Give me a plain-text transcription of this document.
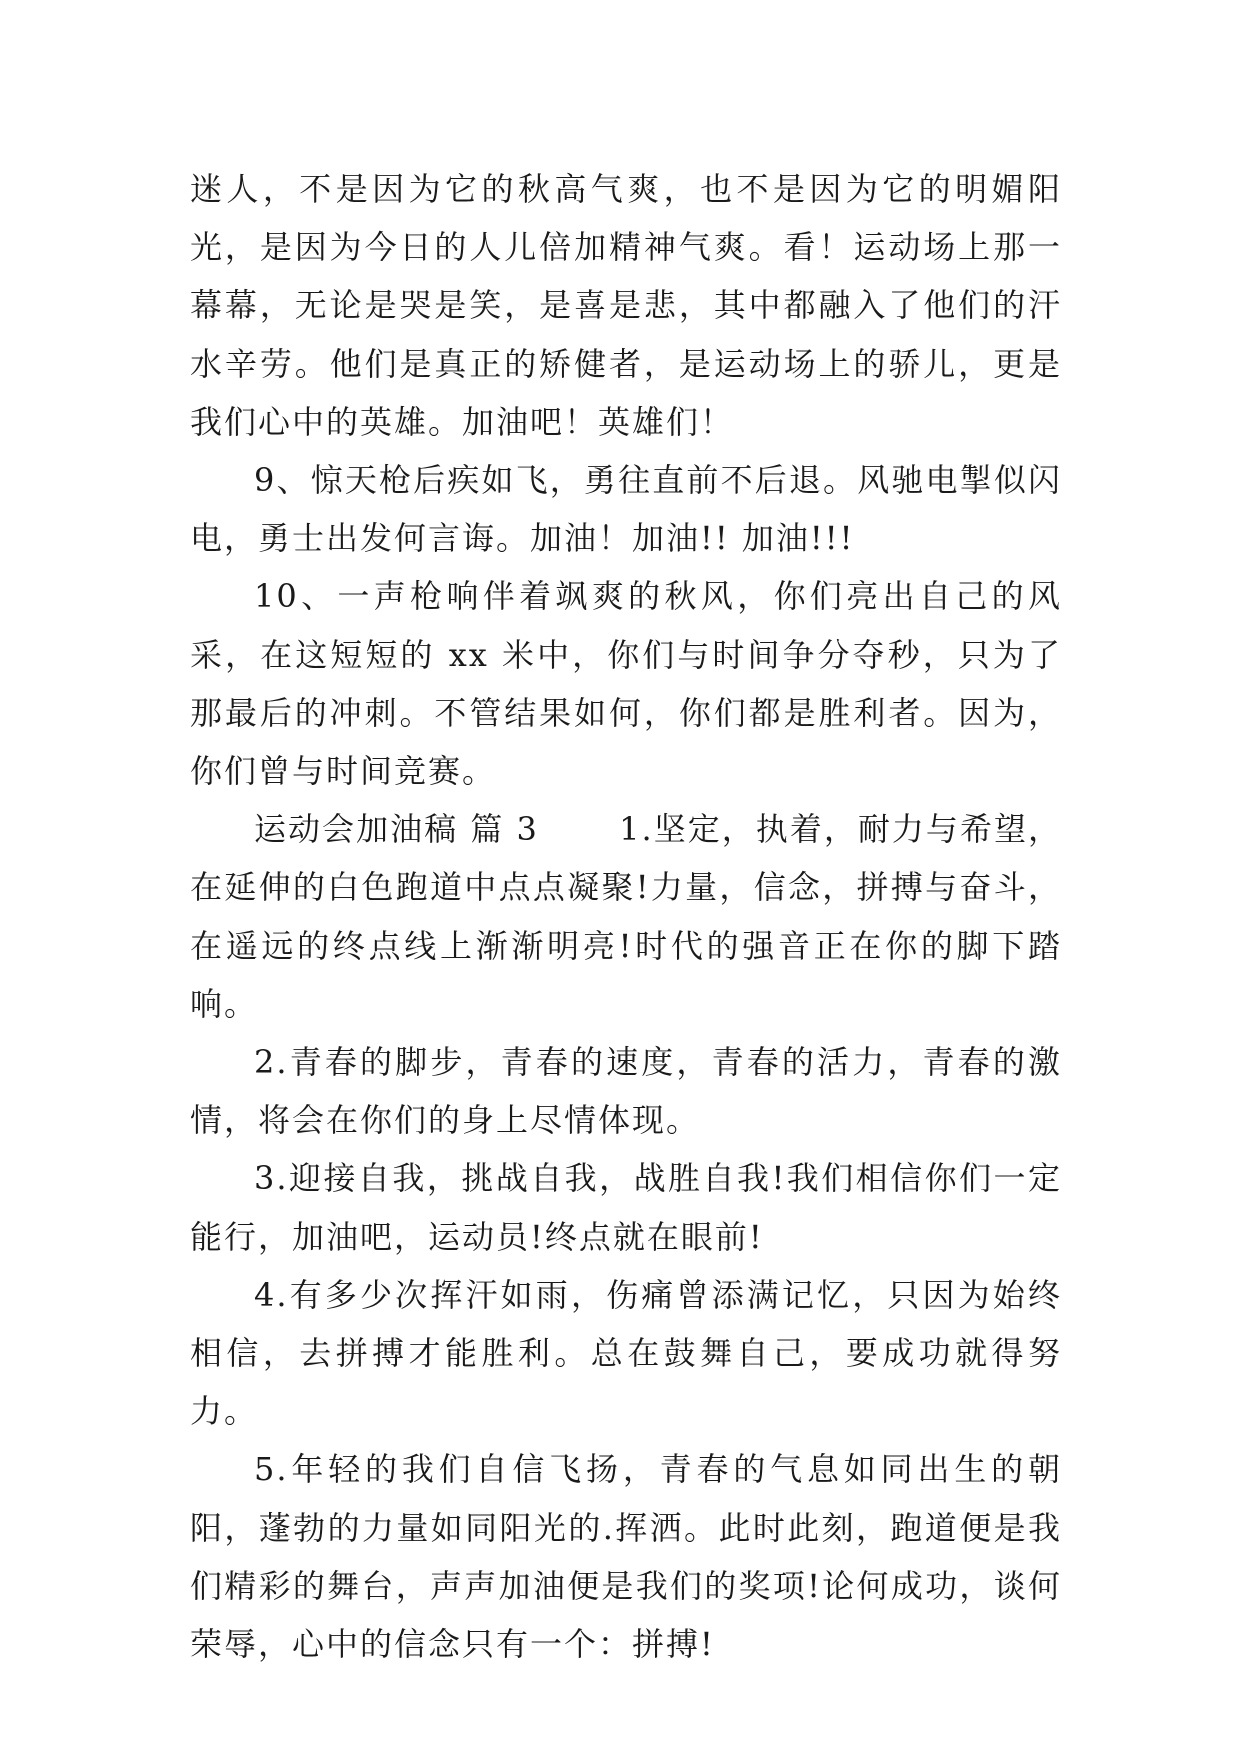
迷人，不是因为它的秋高气爽，也不是因为它的明媚阳光，是因为今日的人儿倍加精神气爽。看！运动场上那一幕幕，无论是哭是笑，是喜是悲，其中都融入了他们的汗水辛劳。他们是真正的矫健者，是运动场上的骄儿，更是我们心中的英雄。加油吧！英雄们！

9、惊天枪后疾如飞，勇往直前不后退。风驰电掣似闪电，勇士出发何言诲。加油！加油!! 加油!!!

10、一声枪响伴着飒爽的秋风，你们亮出自己的风采，在这短短的 xx 米中，你们与时间争分夺秒，只为了那最后的冲刺。不管结果如何，你们都是胜利者。因为，你们曾与时间竞赛。

运动会加油稿 篇 3　　 1.坚定，执着，耐力与希望，在延伸的白色跑道中点点凝聚!力量，信念，拼搏与奋斗，在遥远的终点线上渐渐明亮!时代的强音正在你的脚下踏响。

2.青春的脚步，青春的速度，青春的活力，青春的激情，将会在你们的身上尽情体现。

3.迎接自我，挑战自我，战胜自我!我们相信你们一定能行，加油吧，运动员!终点就在眼前!

4.有多少次挥汗如雨，伤痛曾添满记忆，只因为始终相信，去拼搏才能胜利。总在鼓舞自己，要成功就得努力。

5.年轻的我们自信飞扬，青春的气息如同出生的朝阳，蓬勃的力量如同阳光的.挥洒。此时此刻，跑道便是我们精彩的舞台，声声加油便是我们的奖项!论何成功，谈何荣辱，心中的信念只有一个：拼搏!
